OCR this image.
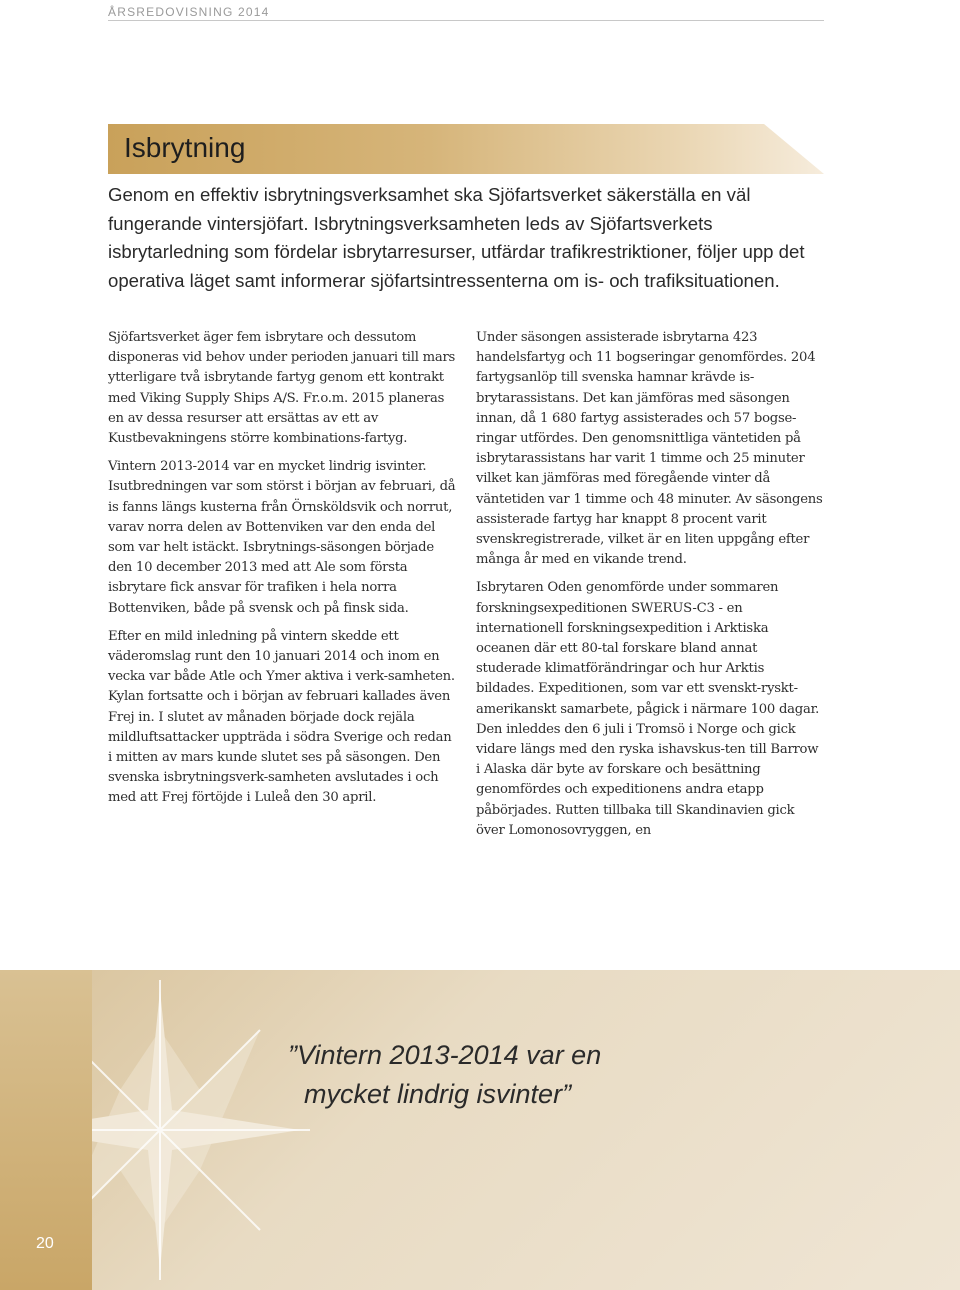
ÅRSREDOVISNING 2014
Isbrytning

Genom en effektiv isbrytningsverksamhet ska Sjöfartsverket säkerställa en väl fungerande vintersjöfart. Isbrytningsverksamheten leds av Sjöfartsverkets isbrytarledning som fördelar isbrytarresurser, utfärdar trafikrestriktioner, följer upp det operativa läget samt informerar sjöfartsintressenterna om is- och trafiksituationen.

Sjöfartsverket äger fem isbrytare och dessutom disponeras vid behov under perioden januari till mars ytterligare två isbrytande fartyg genom ett kontrakt med Viking Supply Ships A/S. Fr.o.m. 2015 planeras en av dessa resurser att ersättas av ett av Kustbevakningens större kombinations-fartyg.

Vintern 2013-2014 var en mycket lindrig isvinter. Isutbredningen var som störst i början av februari, då is fanns längs kusterna från Örnsköldsvik och norrut, varav norra delen av Bottenviken var den enda del som var helt istäckt. Isbrytnings-säsongen började den 10 december 2013 med att Ale som första isbrytare fick ansvar för trafiken i hela norra Bottenviken, både på svensk och på finsk sida.

Efter en mild inledning på vintern skedde ett väderomslag runt den 10 januari 2014 och inom en vecka var både Atle och Ymer aktiva i verk-samheten. Kylan fortsatte och i början av februari kallades även Frej in. I slutet av månaden började dock rejäla mildluftsattacker uppträda i södra Sverige och redan i mitten av mars kunde slutet ses på säsongen. Den svenska isbrytningsverk-samheten avslutades i och med att Frej förtöjde i Luleå den 30 april.

Under säsongen assisterade isbrytarna 423 handelsfartyg och 11 bogseringar genomfördes. 204 fartygsanlöp till svenska hamnar krävde is-brytarassistans. Det kan jämföras med säsongen innan, då 1 680 fartyg assisterades och 57 bogse-ringar utfördes. Den genomsnittliga väntetiden på isbrytarassistans har varit 1 timme och 25 minuter vilket kan jämföras med föregående vinter då väntetiden var 1 timme och 48 minuter. Av säsongens assisterade fartyg har knappt 8 procent varit svenskregistrerade, vilket är en liten uppgång efter många år med en vikande trend.

Isbrytaren Oden genomförde under sommaren forskningsexpeditionen SWERUS-C3 - en internationell forskningsexpedition i Arktiska oceanen där ett 80-tal forskare bland annat studerade klimatförändringar och hur Arktis bildades. Expeditionen, som var ett svenskt-ryskt-amerikanskt samarbete, pågick i närmare 100 dagar. Den inleddes den 6 juli i Tromsö i Norge och gick vidare längs med den ryska ishavskus-ten till Barrow i Alaska där byte av forskare och besättning genomfördes och expeditionens andra etapp påbörjades. Rutten tillbaka till Skandinavien gick över Lomonosovryggen, en

”Vintern 2013-2014 var en
mycket lindrig isvinter”
20
